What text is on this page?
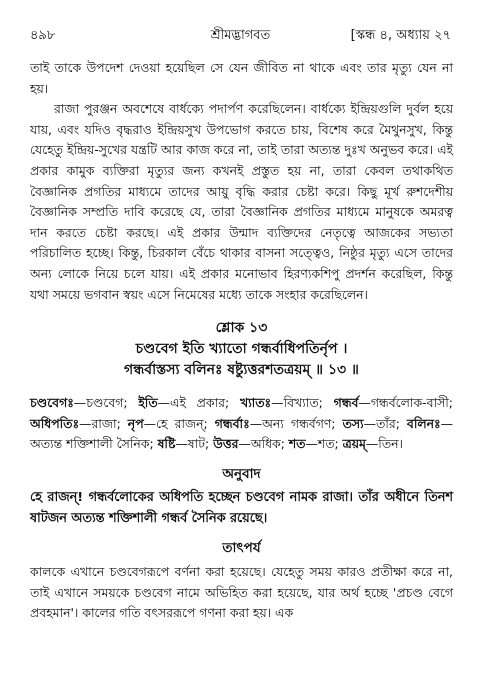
৪৯৮	শ্রীমদ্ভাগবত	[স্কন্ধ ৪, অধ্যায় ২৭

তাই তাকে উপদেশ দেওয়া হয়েছিল সে যেন জীবিত না থাকে এবং তার মৃত্যু যেন না হয়।

রাজা পুরঞ্জন অবশেষে বার্ধক্যে পদার্পণ করেছিলেন। বার্ধক্যে ইন্দ্রিয়গুলি দুর্বল হয়ে যায়, এবং যদিও বৃদ্ধরাও ইন্দ্রিয়সুখ উপভোগ করতে চায়, বিশেষ করে মৈথুনসুখ, কিন্তু যেহেতু ইন্দ্রিয়-সুখের যন্ত্রটি আর কাজ করে না, তাই তারা অত্যন্ত দুঃখ অনুভব করে। এই প্রকার কামুক ব্যক্তিরা মৃত্যুর জন্য কখনই প্রস্তুত হয় না, তারা কেবল তথাকথিত বৈজ্ঞানিক প্রগতির মাধ্যমে তাদের আয়ু বৃদ্ধি করার চেষ্টা করে। কিছু মূর্খ রুশদেশীয় বৈজ্ঞানিক সম্প্রতি দাবি করেছে যে, তারা বৈজ্ঞানিক প্রগতির মাধ্যমে মানুষকে অমরত্ব দান করতে চেষ্টা করছে। এই প্রকার উন্মাদ ব্যক্তিদের নেতৃত্বে আজকের সভ্যতা পরিচালিত হচ্ছে। কিন্তু, চিরকাল বেঁচে থাকার বাসনা সত্ত্বেও, নিষ্ঠুর মৃত্যু এসে তাদের অন্য লোকে নিয়ে চলে যায়। এই প্রকার মনোভাব হিরণ্যকশিপু প্রদর্শন করেছিল, কিন্তু যথা সময়ে ভগবান স্বয়ং এসে নিমেষের মধ্যে তাকে সংহার করেছিলেন।

শ্লোক ১৩
চণ্ডবেগ ইতি খ্যাতো গন্ধর্বাধিপতির্নৃপ ।
গন্ধর্বাস্তস্য বলিনঃ ষষ্ট্যুত্তরশতত্রয়ম্ ॥ ১৩ ॥
চণ্ডবেগঃ—চণ্ডবেগ; ইতি—এই প্রকার; খ্যাতঃ—বিখ্যাত; গন্ধর্ব—গন্ধর্বলোক-বাসী; অধিপতিঃ—রাজা; নৃপ—হে রাজন্; গন্ধর্বাঃ—অন্য গন্ধর্বগণ; তস্য—তাঁর; বলিনঃ—অত্যন্ত শক্তিশালী সৈনিক; ষষ্টি—ষাট; উত্তর—অধিক; শত—শত; ত্রয়ম্—তিন।
অনুবাদ

হে রাজন্! গন্ধর্বলোকের অধিপতি হচ্ছেন চণ্ডবেগ নামক রাজা। তাঁর অধীনে তিনশ ষাটজন অত্যন্ত শক্তিশালী গন্ধর্ব সৈনিক রয়েছে।

তাৎপর্য

কালকে এখানে চণ্ডবেগরূপে বর্ণনা করা হয়েছে। যেহেতু সময় কারও প্রতীক্ষা করে না, তাই এখানে সময়কে চণ্ডবেগ নামে অভিহিত করা হয়েছে, যার অর্থ হচ্ছে 'প্রচণ্ড বেগে প্রবহমান'। কালের গতি বৎসররূপে গণনা করা হয়। এক
